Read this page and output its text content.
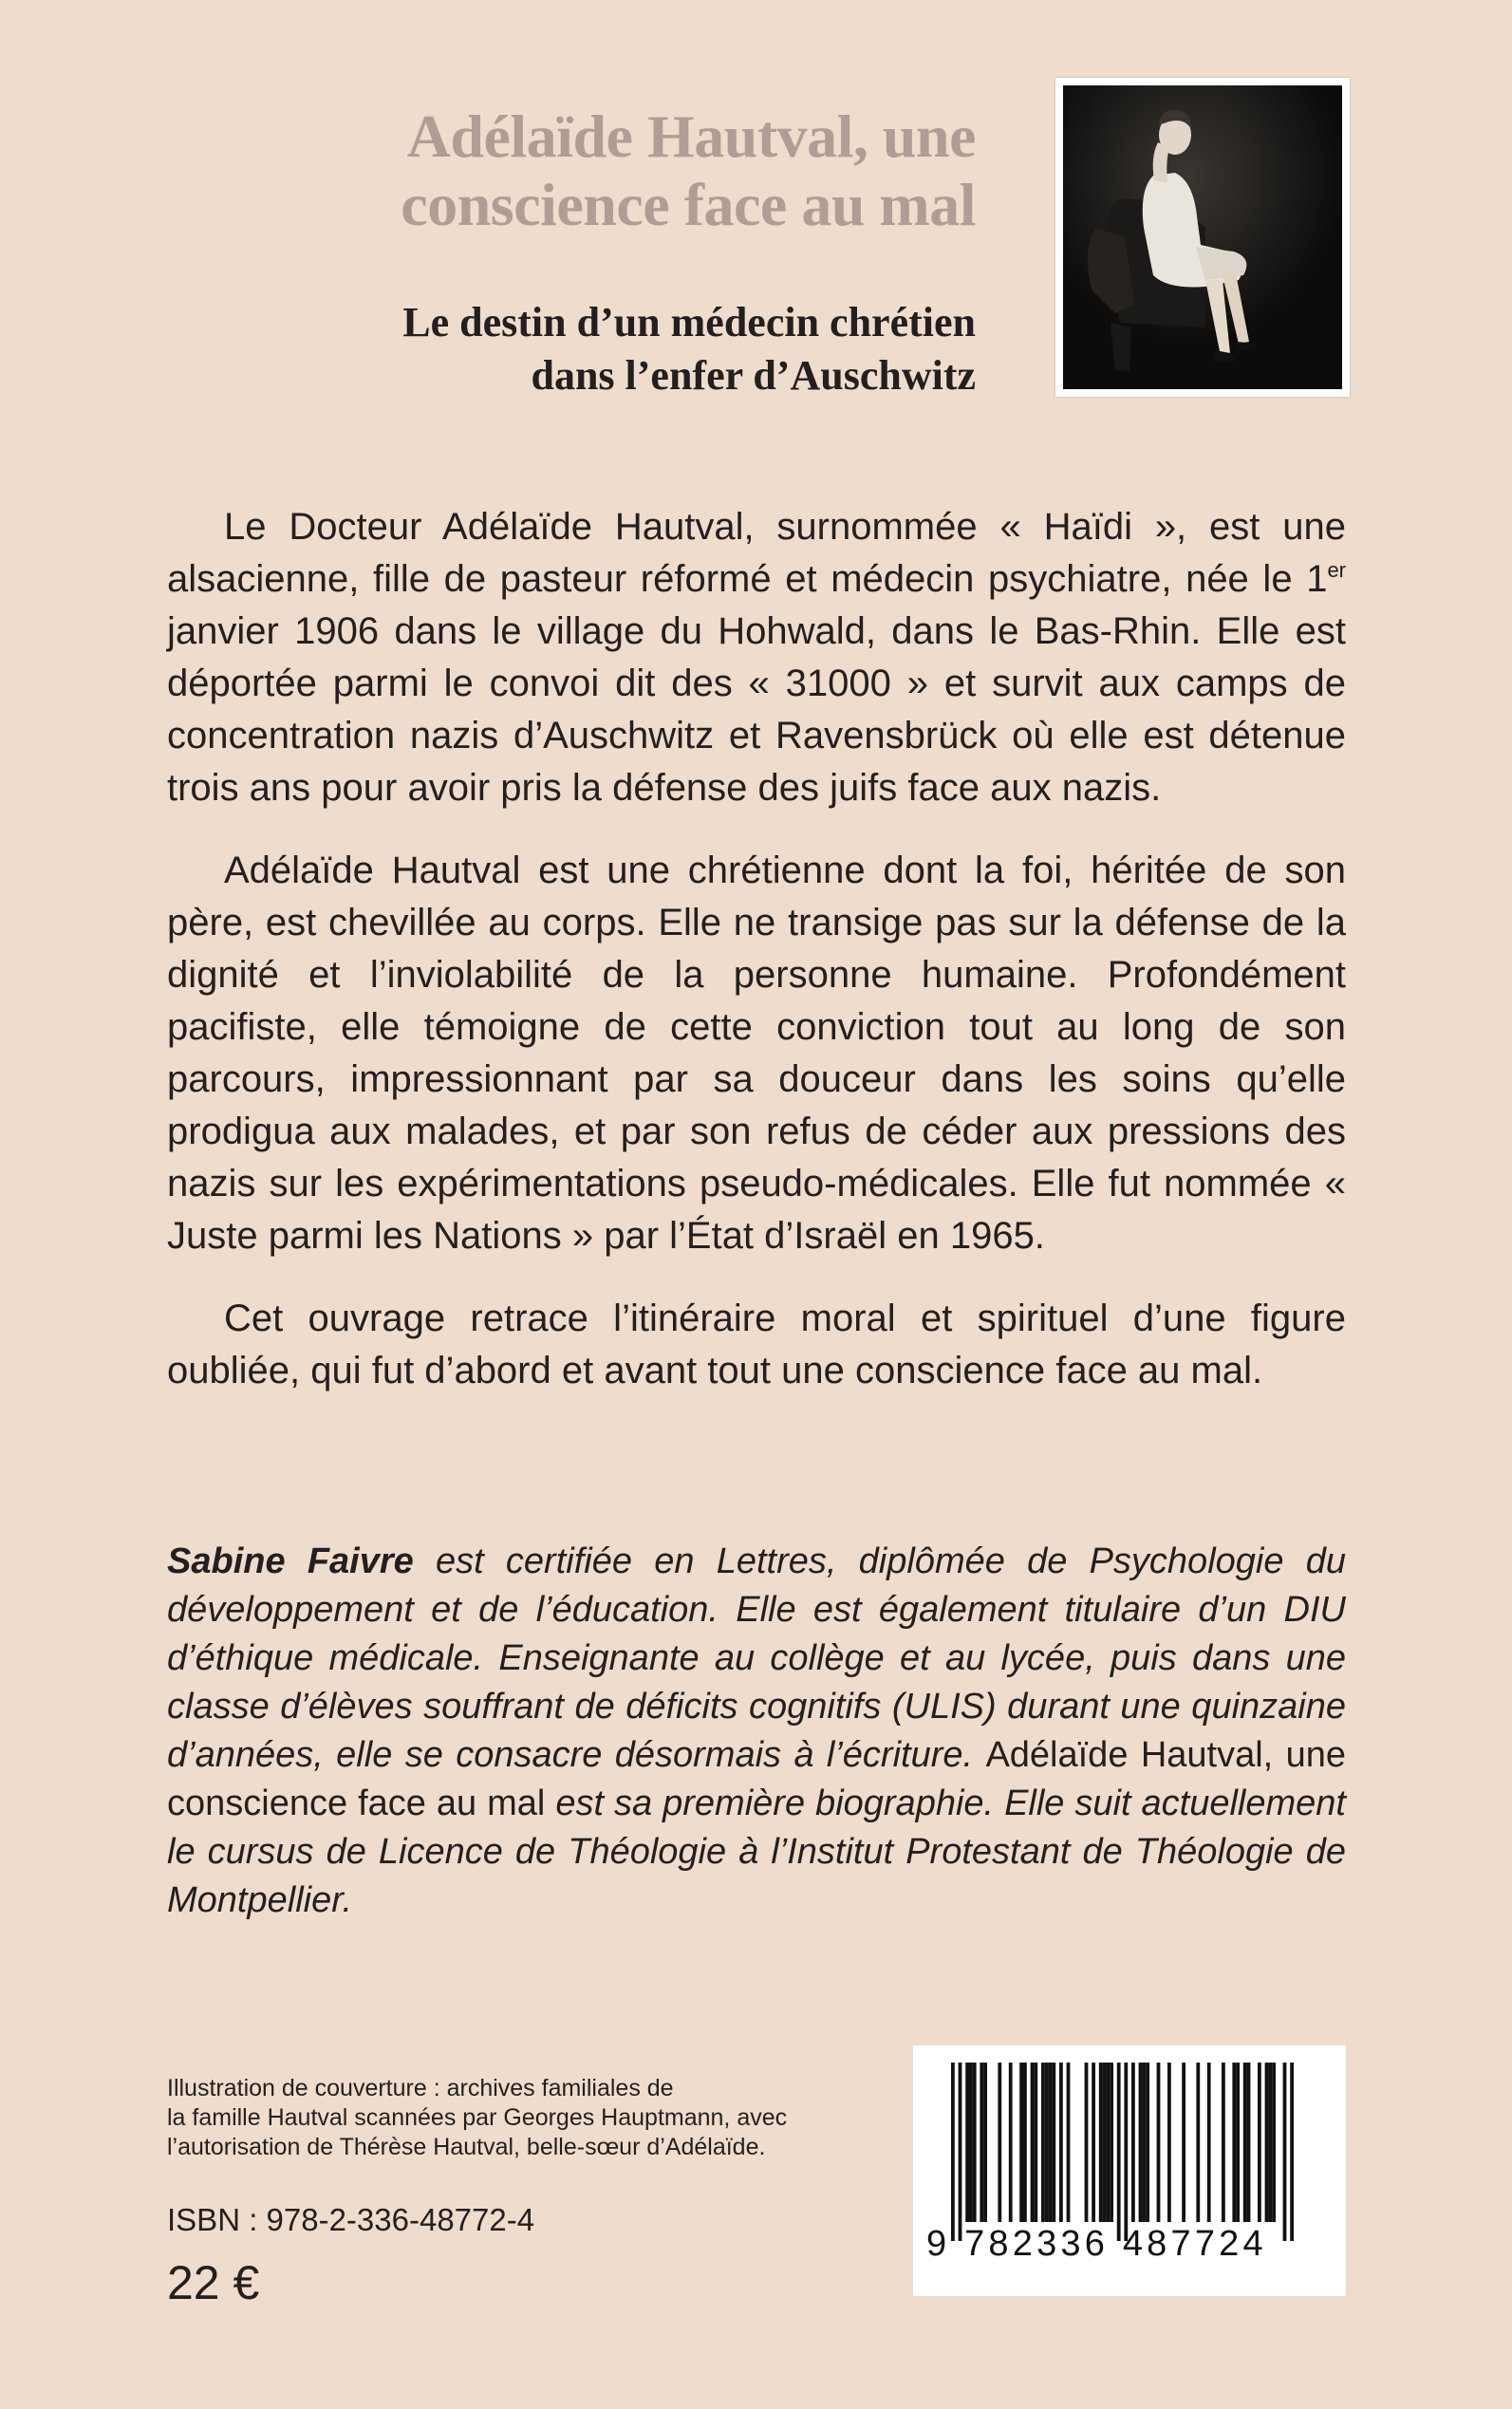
Adélaïde Hautval, une
conscience face au mal
Le destin d’un médecin chrétien
dans l’enfer d’Auschwitz

Le Docteur Adélaïde Hautval, surnommée « Haïdi », est une alsacienne, fille de pasteur réformé et médecin psychiatre, née le 1er janvier 1906 dans le village du Hohwald, dans le Bas-Rhin. Elle est déportée parmi le convoi dit des « 31000 » et survit aux camps de concentration nazis d’Auschwitz et Ravensbrück où elle est détenue trois ans pour avoir pris la défense des juifs face aux nazis.

Adélaïde Hautval est une chrétienne dont la foi, héritée de son père, est chevillée au corps. Elle ne transige pas sur la défense de la dignité et l’inviolabilité de la personne humaine. Profondément pacifiste, elle témoigne de cette conviction tout au long de son parcours, impressionnant par sa douceur dans les soins qu’elle prodigua aux malades, et par son refus de céder aux pressions des nazis sur les expérimentations pseudo-médicales. Elle fut nommée « Juste parmi les Nations » par l’État d’Israël en 1965.

Cet ouvrage retrace l’itinéraire moral et spirituel d’une figure oubliée, qui fut d’abord et avant tout une conscience face au mal.

Sabine Faivre est certifiée en Lettres, diplômée de Psychologie du développement et de l’éducation. Elle est également titulaire d’un DIU d’éthique médicale. Enseignante au collège et au lycée, puis dans une classe d’élèves souffrant de déficits cognitifs (ULIS) durant une quinzaine d’années, elle se consacre désormais à l’écriture. Adélaïde Hautval, une conscience face au mal est sa première biographie. Elle suit actuellement le cursus de Licence de Théologie à l’Institut Protestant de Théologie de Montpellier.

Illustration de couverture : archives familiales de
la famille Hautval scannées par Georges Hauptmann, avec
l’autorisation de Thérèse Hautval, belle-sœur d’Adélaïde.
ISBN : 978-2-336-48772-4
22 €
9 782336 487724
